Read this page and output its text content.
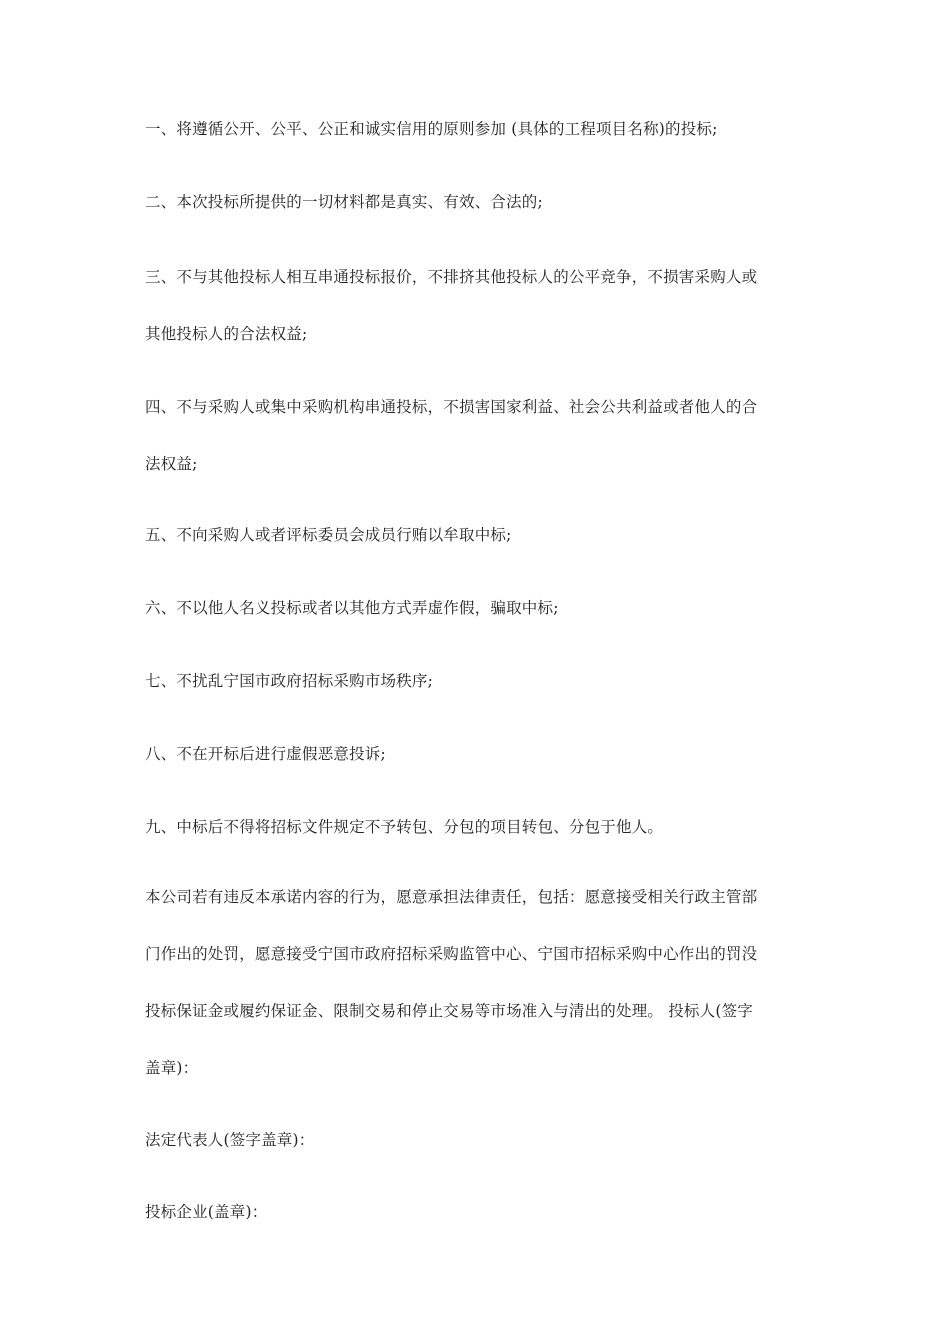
一、将遵循公开、公平、公正和诚实信用的原则参加 (具体的工程项目名称)的投标;
二、本次投标所提供的一切材料都是真实、有效、合法的;
三、不与其他投标人相互串通投标报价，不排挤其他投标人的公平竞争，不损害采购人或
其他投标人的合法权益;
四、不与采购人或集中采购机构串通投标，不损害国家利益、社会公共利益或者他人的合
法权益;
五、不向采购人或者评标委员会成员行贿以牟取中标;
六、不以他人名义投标或者以其他方式弄虚作假，骗取中标;
七、不扰乱宁国市政府招标采购市场秩序;
八、不在开标后进行虚假恶意投诉;
九、中标后不得将招标文件规定不予转包、分包的项目转包、分包于他人。
本公司若有违反本承诺内容的行为，愿意承担法律责任，包括：愿意接受相关行政主管部
门作出的处罚，愿意接受宁国市政府招标采购监管中心、宁国市招标采购中心作出的罚没
投标保证金或履约保证金、限制交易和停止交易等市场准入与清出的处理。 投标人(签字
盖章)：
法定代表人(签字盖章)：
投标企业(盖章)：
